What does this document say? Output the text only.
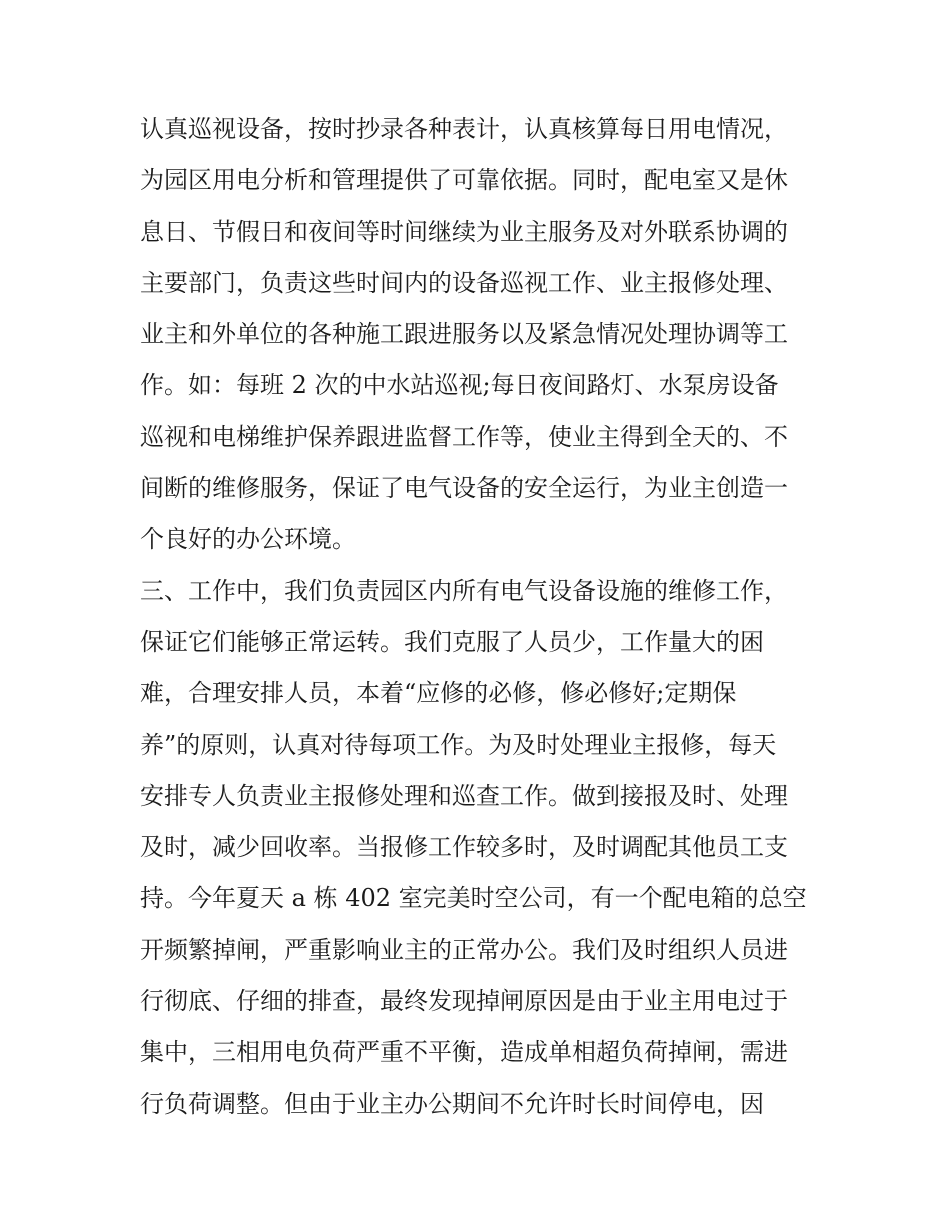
认真巡视设备，按时抄录各种表计，认真核算每日用电情况，
为园区用电分析和管理提供了可靠依据。同时，配电室又是休
息日、节假日和夜间等时间继续为业主服务及对外联系协调的
主要部门，负责这些时间内的设备巡视工作、业主报修处理、
业主和外单位的各种施工跟进服务以及紧急情况处理协调等工
作。如：每班 2 次的中水站巡视;每日夜间路灯、水泵房设备
巡视和电梯维护保养跟进监督工作等，使业主得到全天的、不
间断的维修服务，保证了电气设备的安全运行，为业主创造一
个良好的办公环境。
三、工作中，我们负责园区内所有电气设备设施的维修工作，
保证它们能够正常运转。我们克服了人员少，工作量大的困
难，合理安排人员，本着“应修的必修，修必修好;定期保
养”的原则，认真对待每项工作。为及时处理业主报修，每天
安排专人负责业主报修处理和巡查工作。做到接报及时、处理
及时，减少回收率。当报修工作较多时，及时调配其他员工支
持。今年夏天 a 栋 402 室完美时空公司，有一个配电箱的总空
开频繁掉闸，严重影响业主的正常办公。我们及时组织人员进
行彻底、仔细的排查，最终发现掉闸原因是由于业主用电过于
集中，三相用电负荷严重不平衡，造成单相超负荷掉闸，需进
行负荷调整。但由于业主办公期间不允许时长时间停电，因
